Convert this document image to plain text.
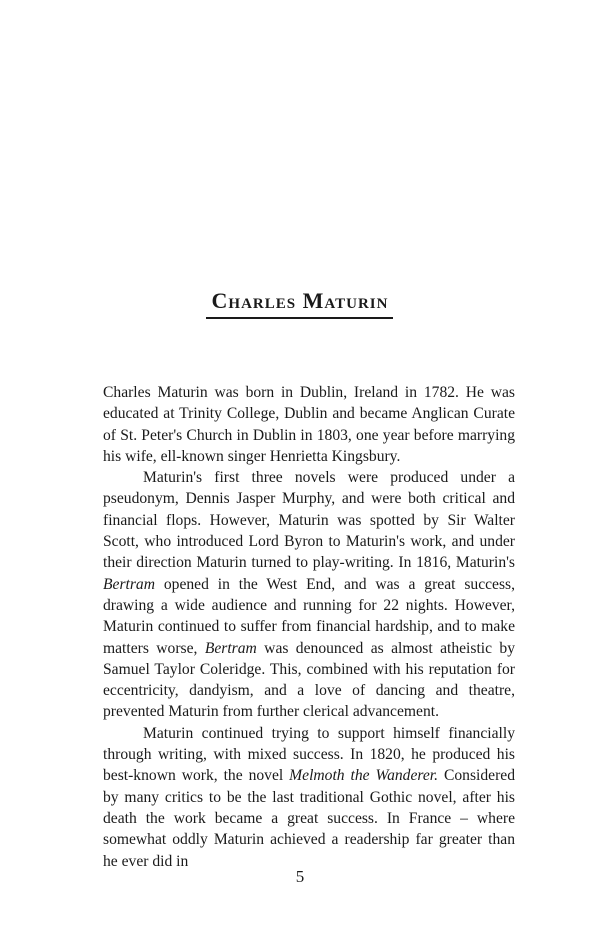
Charles Maturin

Charles Maturin was born in Dublin, Ireland in 1782. He was educated at Trinity College, Dublin and became Anglican Curate of St. Peter's Church in Dublin in 1803, one year before marrying his wife, ell-known singer Henrietta Kingsbury.

Maturin's first three novels were produced under a pseudonym, Dennis Jasper Murphy, and were both critical and financial flops. However, Maturin was spotted by Sir Walter Scott, who introduced Lord Byron to Maturin's work, and under their direction Maturin turned to play-writing. In 1816, Maturin's Bertram opened in the West End, and was a great success, drawing a wide audience and running for 22 nights. However, Maturin continued to suffer from financial hardship, and to make matters worse, Bertram was denounced as almost atheistic by Samuel Taylor Coleridge. This, combined with his reputation for eccentricity, dandyism, and a love of dancing and theatre, prevented Maturin from further clerical advancement.

Maturin continued trying to support himself financially through writing, with mixed success. In 1820, he produced his best-known work, the novel Melmoth the Wanderer. Considered by many critics to be the last traditional Gothic novel, after his death the work became a great success. In France – where somewhat oddly Maturin achieved a readership far greater than he ever did in

5
